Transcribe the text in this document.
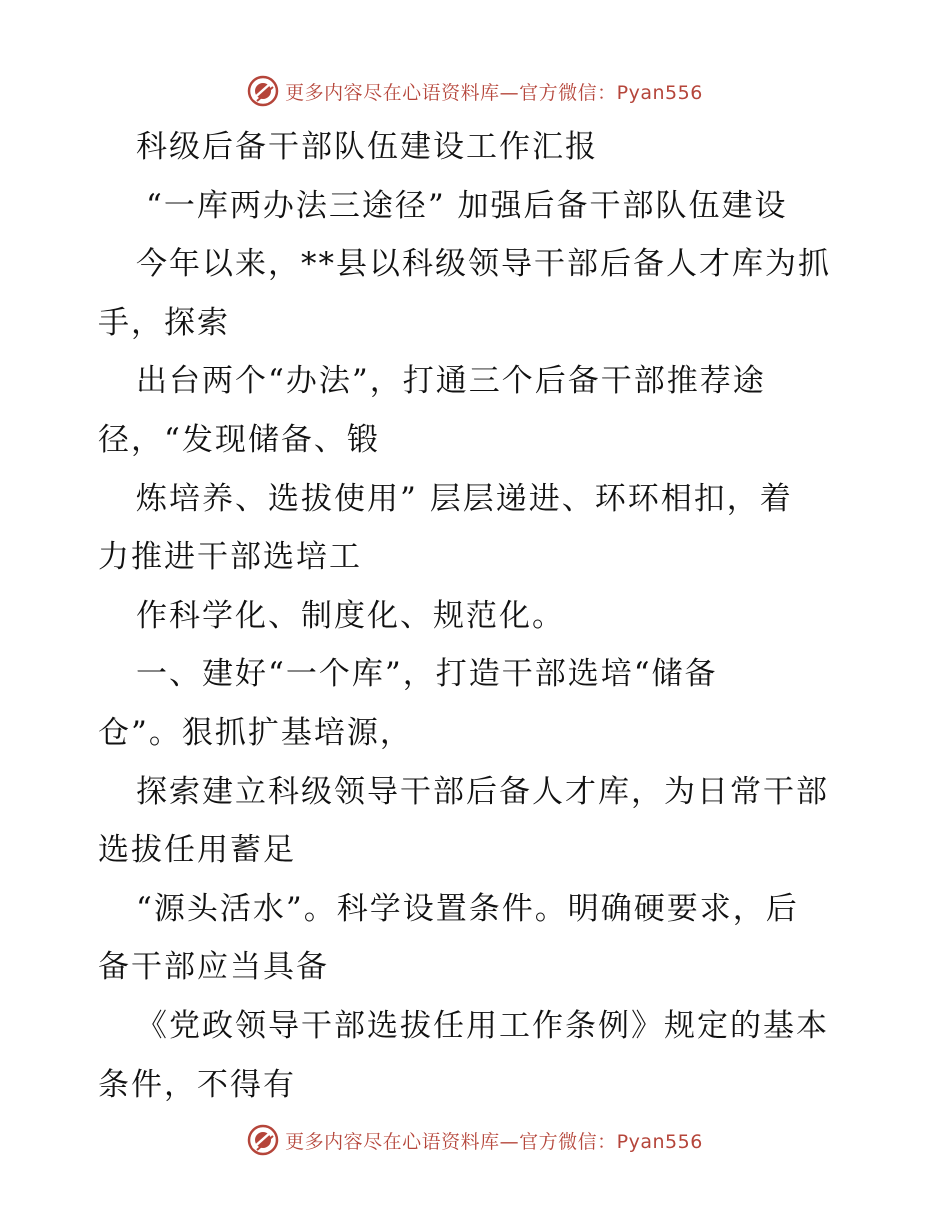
更多内容尽在心语资料库—官方微信：Pyan556
科级后备干部队伍建设工作汇报
“一库两办法三途径” 加强后备干部队伍建设
今年以来，**县以科级领导干部后备人才库为抓
手，探索
出台两个“办法”，打通三个后备干部推荐途
径，“发现储备、锻
炼培养、选拔使用” 层层递进、环环相扣，着
力推进干部选培工
作科学化、制度化、规范化。
一、建好“一个库”，打造干部选培“储备
仓”。狠抓扩基培源，
探索建立科级领导干部后备人才库，为日常干部
选拔任用蓄足
“源头活水”。科学设置条件。明确硬要求，后
备干部应当具备
《党政领导干部选拔任用工作条例》规定的基本
条件，不得有
更多内容尽在心语资料库—官方微信：Pyan556
